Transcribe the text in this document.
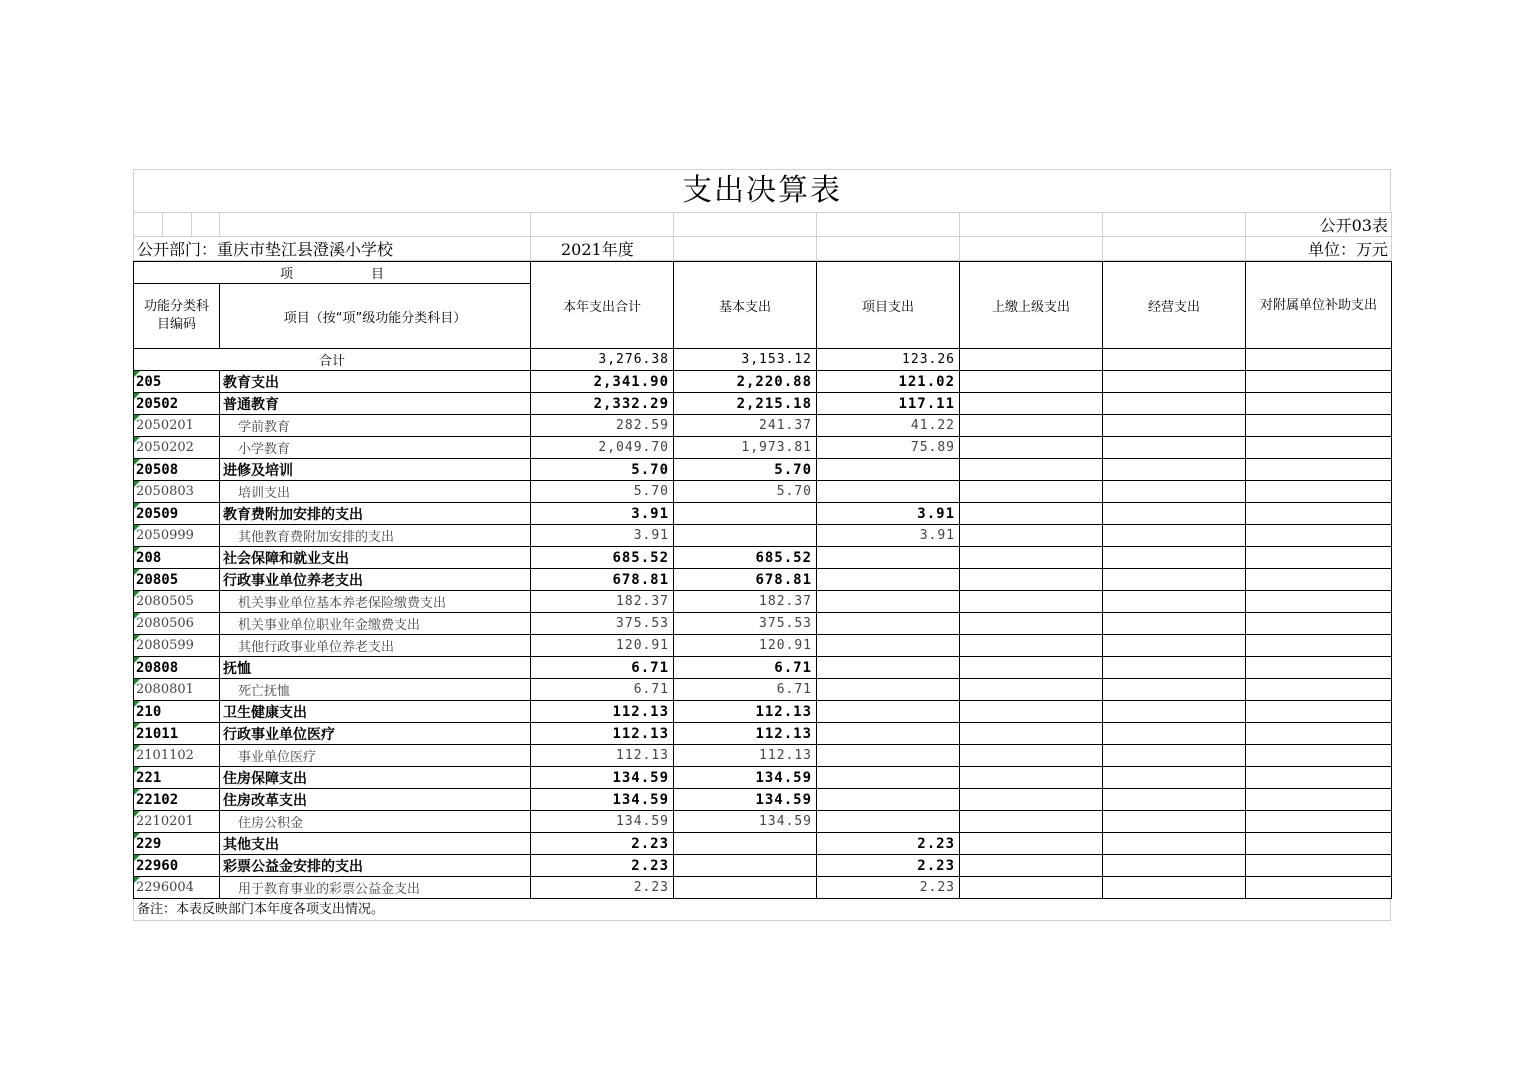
支出决算表
									公开03表
公开部门：重庆市垫江县澄溪小学校				2021年度					单位：万元
项　　　　　　目		本年支出合计	基本支出	项目支出	上缴上级支出	经营支出	对附属单位补助支出
功能分类科目编码	项目（按“项”级功能分类科目）						
合计		3,276.38	3,153.12	123.26			

205	教育支出	2,341.90	2,220.88	121.02			

20502	普通教育	2,332.29	2,215.18	117.11			

2050201	学前教育	282.59	241.37	41.22			

2050202	小学教育	2,049.70	1,973.81	75.89			

20508	进修及培训	5.70	5.70				

2050803	培训支出	5.70	5.70				

20509	教育费附加安排的支出	3.91		3.91			

2050999	其他教育费附加安排的支出	3.91		3.91			

208	社会保障和就业支出	685.52	685.52				

20805	行政事业单位养老支出	678.81	678.81				

2080505	机关事业单位基本养老保险缴费支出	182.37	182.37				

2080506	机关事业单位职业年金缴费支出	375.53	375.53				

2080599	其他行政事业单位养老支出	120.91	120.91				

20808	抚恤	6.71	6.71				

2080801	死亡抚恤	6.71	6.71				

210	卫生健康支出	112.13	112.13				

21011	行政事业单位医疗	112.13	112.13				

2101102	事业单位医疗	112.13	112.13				

221	住房保障支出	134.59	134.59				

22102	住房改革支出	134.59	134.59				

2210201	住房公积金	134.59	134.59				

229	其他支出	2.23		2.23			

22960	彩票公益金安排的支出	2.23		2.23			

2296004	用于教育事业的彩票公益金支出	2.23		2.23			
备注：本表反映部门本年度各项支出情况。
